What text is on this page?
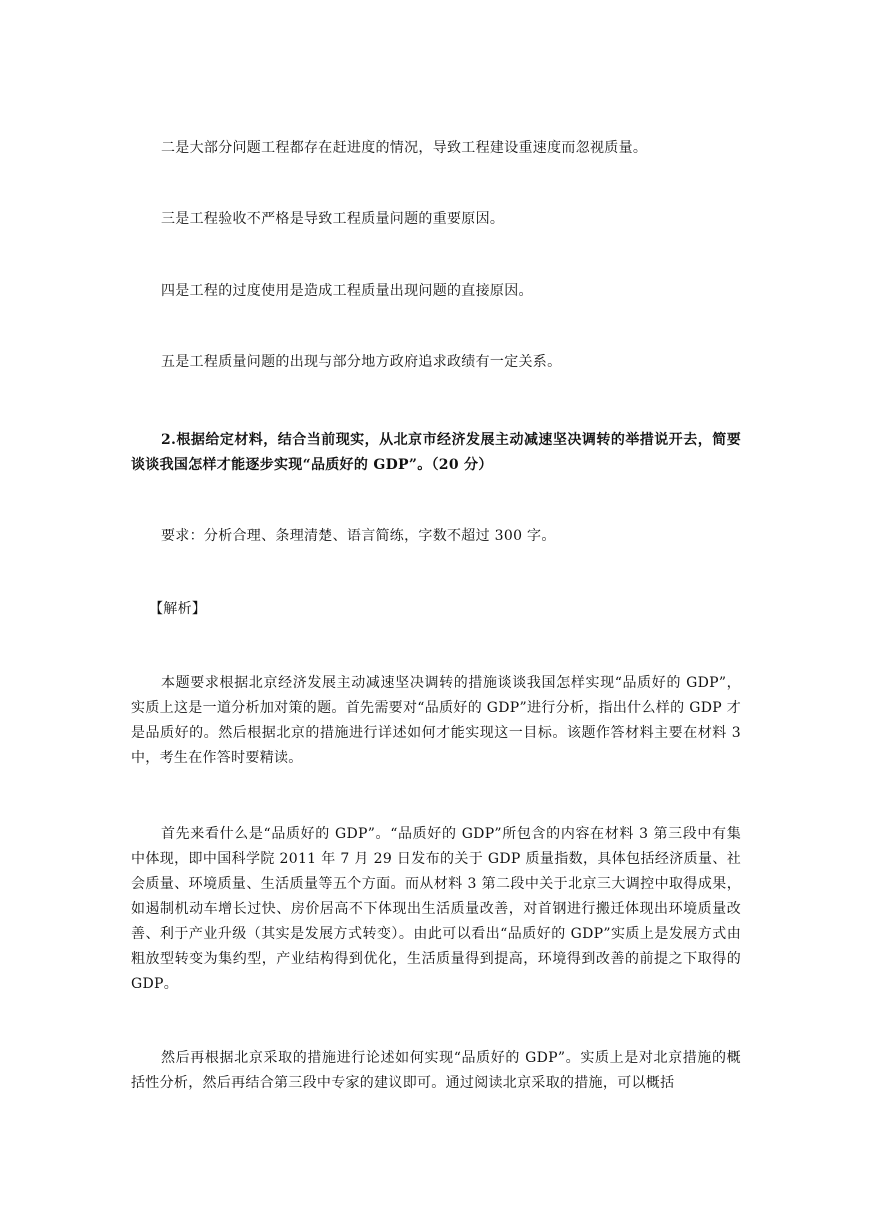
二是大部分问题工程都存在赶进度的情况，导致工程建设重速度而忽视质量。

三是工程验收不严格是导致工程质量问题的重要原因。

四是工程的过度使用是造成工程质量出现问题的直接原因。

五是工程质量问题的出现与部分地方政府追求政绩有一定关系。

2.根据给定材料，结合当前现实，从北京市经济发展主动减速坚决调转的举措说开去，简要谈谈我国怎样才能逐步实现“品质好的 GDP”。（20 分）

要求：分析合理、条理清楚、语言简练，字数不超过 300 字。

【解析】

本题要求根据北京经济发展主动减速坚决调转的措施谈谈我国怎样实现“品质好的 GDP”，实质上这是一道分析加对策的题。首先需要对“品质好的 GDP”进行分析，指出什么样的 GDP 才是品质好的。然后根据北京的措施进行详述如何才能实现这一目标。该题作答材料主要在材料 3 中，考生在作答时要精读。

首先来看什么是“品质好的 GDP”。“品质好的 GDP”所包含的内容在材料 3 第三段中有集中体现，即中国科学院 2011 年 7 月 29 日发布的关于 GDP 质量指数，具体包括经济质量、社会质量、环境质量、生活质量等五个方面。而从材料 3 第二段中关于北京三大调控中取得成果，如遏制机动车增长过快、房价居高不下体现出生活质量改善，对首钢进行搬迁体现出环境质量改善、利于产业升级（其实是发展方式转变）。由此可以看出“品质好的 GDP”实质上是发展方式由粗放型转变为集约型，产业结构得到优化，生活质量得到提高，环境得到改善的前提之下取得的 GDP。

然后再根据北京采取的措施进行论述如何实现“品质好的 GDP”。实质上是对北京措施的概括性分析，然后再结合第三段中专家的建议即可。通过阅读北京采取的措施，可以概括
